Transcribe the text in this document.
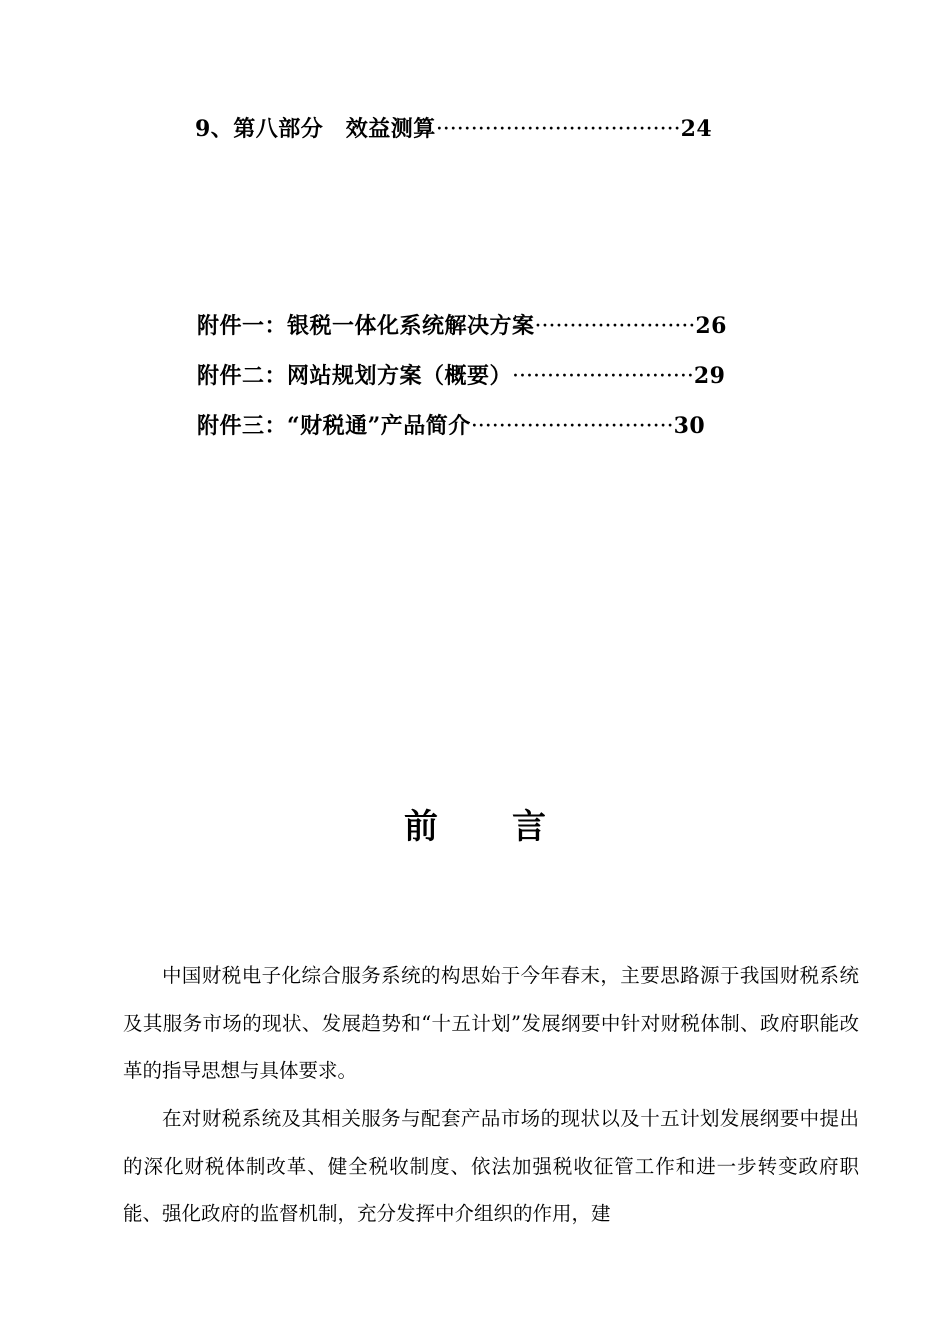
9、第八部分　效益测算···································24
附件一：银税一体化系统解决方案·······················26
附件二：网站规划方案（概要）··························29
附件三：“财税通”产品简介·····························30
前 言

中国财税电子化综合服务系统的构思始于今年春末，主要思路源于我国财税系统及其服务市场的现状、发展趋势和“十五计划”发展纲要中针对财税体制、政府职能改革的指导思想与具体要求。

在对财税系统及其相关服务与配套产品市场的现状以及十五计划发展纲要中提出的深化财税体制改革、健全税收制度、依法加强税收征管工作和进一步转变政府职能、强化政府的监督机制，充分发挥中介组织的作用，建
